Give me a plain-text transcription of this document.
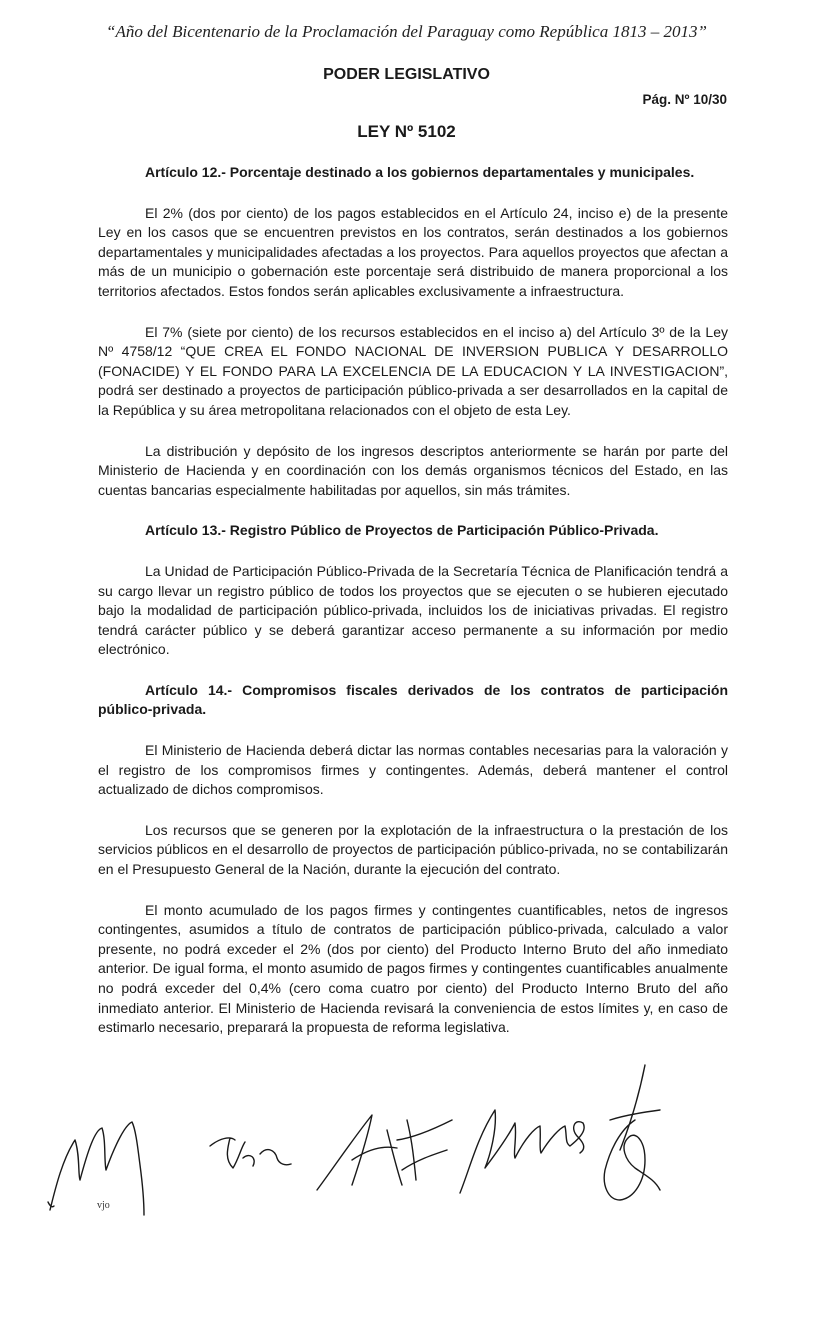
“Año del Bicentenario de la Proclamación del Paraguay como República 1813 – 2013”
PODER LEGISLATIVO
Pág. Nº 10/30
LEY Nº 5102

Artículo 12.- Porcentaje destinado a los gobiernos departamentales y municipales.

El 2% (dos por ciento) de los pagos establecidos en el Artículo 24, inciso e) de la presente Ley en los casos que se encuentren previstos en los contratos, serán destinados a los gobiernos departamentales y municipalidades afectadas a los proyectos. Para aquellos proyectos que afectan a más de un municipio o gobernación este porcentaje será distribuido de manera proporcional a los territorios afectados. Estos fondos serán aplicables exclusivamente a infraestructura.

El 7% (siete por ciento) de los recursos establecidos en el inciso a) del Artículo 3º de la Ley Nº 4758/12 “QUE CREA EL FONDO NACIONAL DE INVERSION PUBLICA Y DESARROLLO (FONACIDE) Y EL FONDO PARA LA EXCELENCIA DE LA EDUCACION Y LA INVESTIGACION”, podrá ser destinado a proyectos de participación público-privada a ser desarrollados en la capital de la República y su área metropolitana relacionados con el objeto de esta Ley.

La distribución y depósito de los ingresos descriptos anteriormente se harán por parte del Ministerio de Hacienda y en coordinación con los demás organismos técnicos del Estado, en las cuentas bancarias especialmente habilitadas por aquellos, sin más trámites.

Artículo 13.- Registro Público de Proyectos de Participación Público-Privada.

La Unidad de Participación Público-Privada de la Secretaría Técnica de Planificación tendrá a su cargo llevar un registro público de todos los proyectos que se ejecuten o se hubieren ejecutado bajo la modalidad de participación público-privada, incluidos los de iniciativas privadas. El registro tendrá carácter público y se deberá garantizar acceso permanente a su información por medio electrónico.

Artículo 14.- Compromisos fiscales derivados de los contratos de participación público-privada.

El Ministerio de Hacienda deberá dictar las normas contables necesarias para la valoración y el registro de los compromisos firmes y contingentes. Además, deberá mantener el control actualizado de dichos compromisos.

Los recursos que se generen por la explotación de la infraestructura o la prestación de los servicios públicos en el desarrollo de proyectos de participación público-privada, no se contabilizarán en el Presupuesto General de la Nación, durante la ejecución del contrato.

El monto acumulado de los pagos firmes y contingentes cuantificables, netos de ingresos contingentes, asumidos a título de contratos de participación público-privada, calculado a valor presente, no podrá exceder el 2% (dos por ciento) del Producto Interno Bruto del año inmediato anterior. De igual forma, el monto asumido de pagos firmes y contingentes cuantificables anualmente no podrá exceder del 0,4% (cero coma cuatro por ciento) del Producto Interno Bruto del año inmediato anterior. El Ministerio de Hacienda revisará la conveniencia de estos límites y, en caso de estimarlo necesario, preparará la propuesta de reforma legislativa.

vjo
